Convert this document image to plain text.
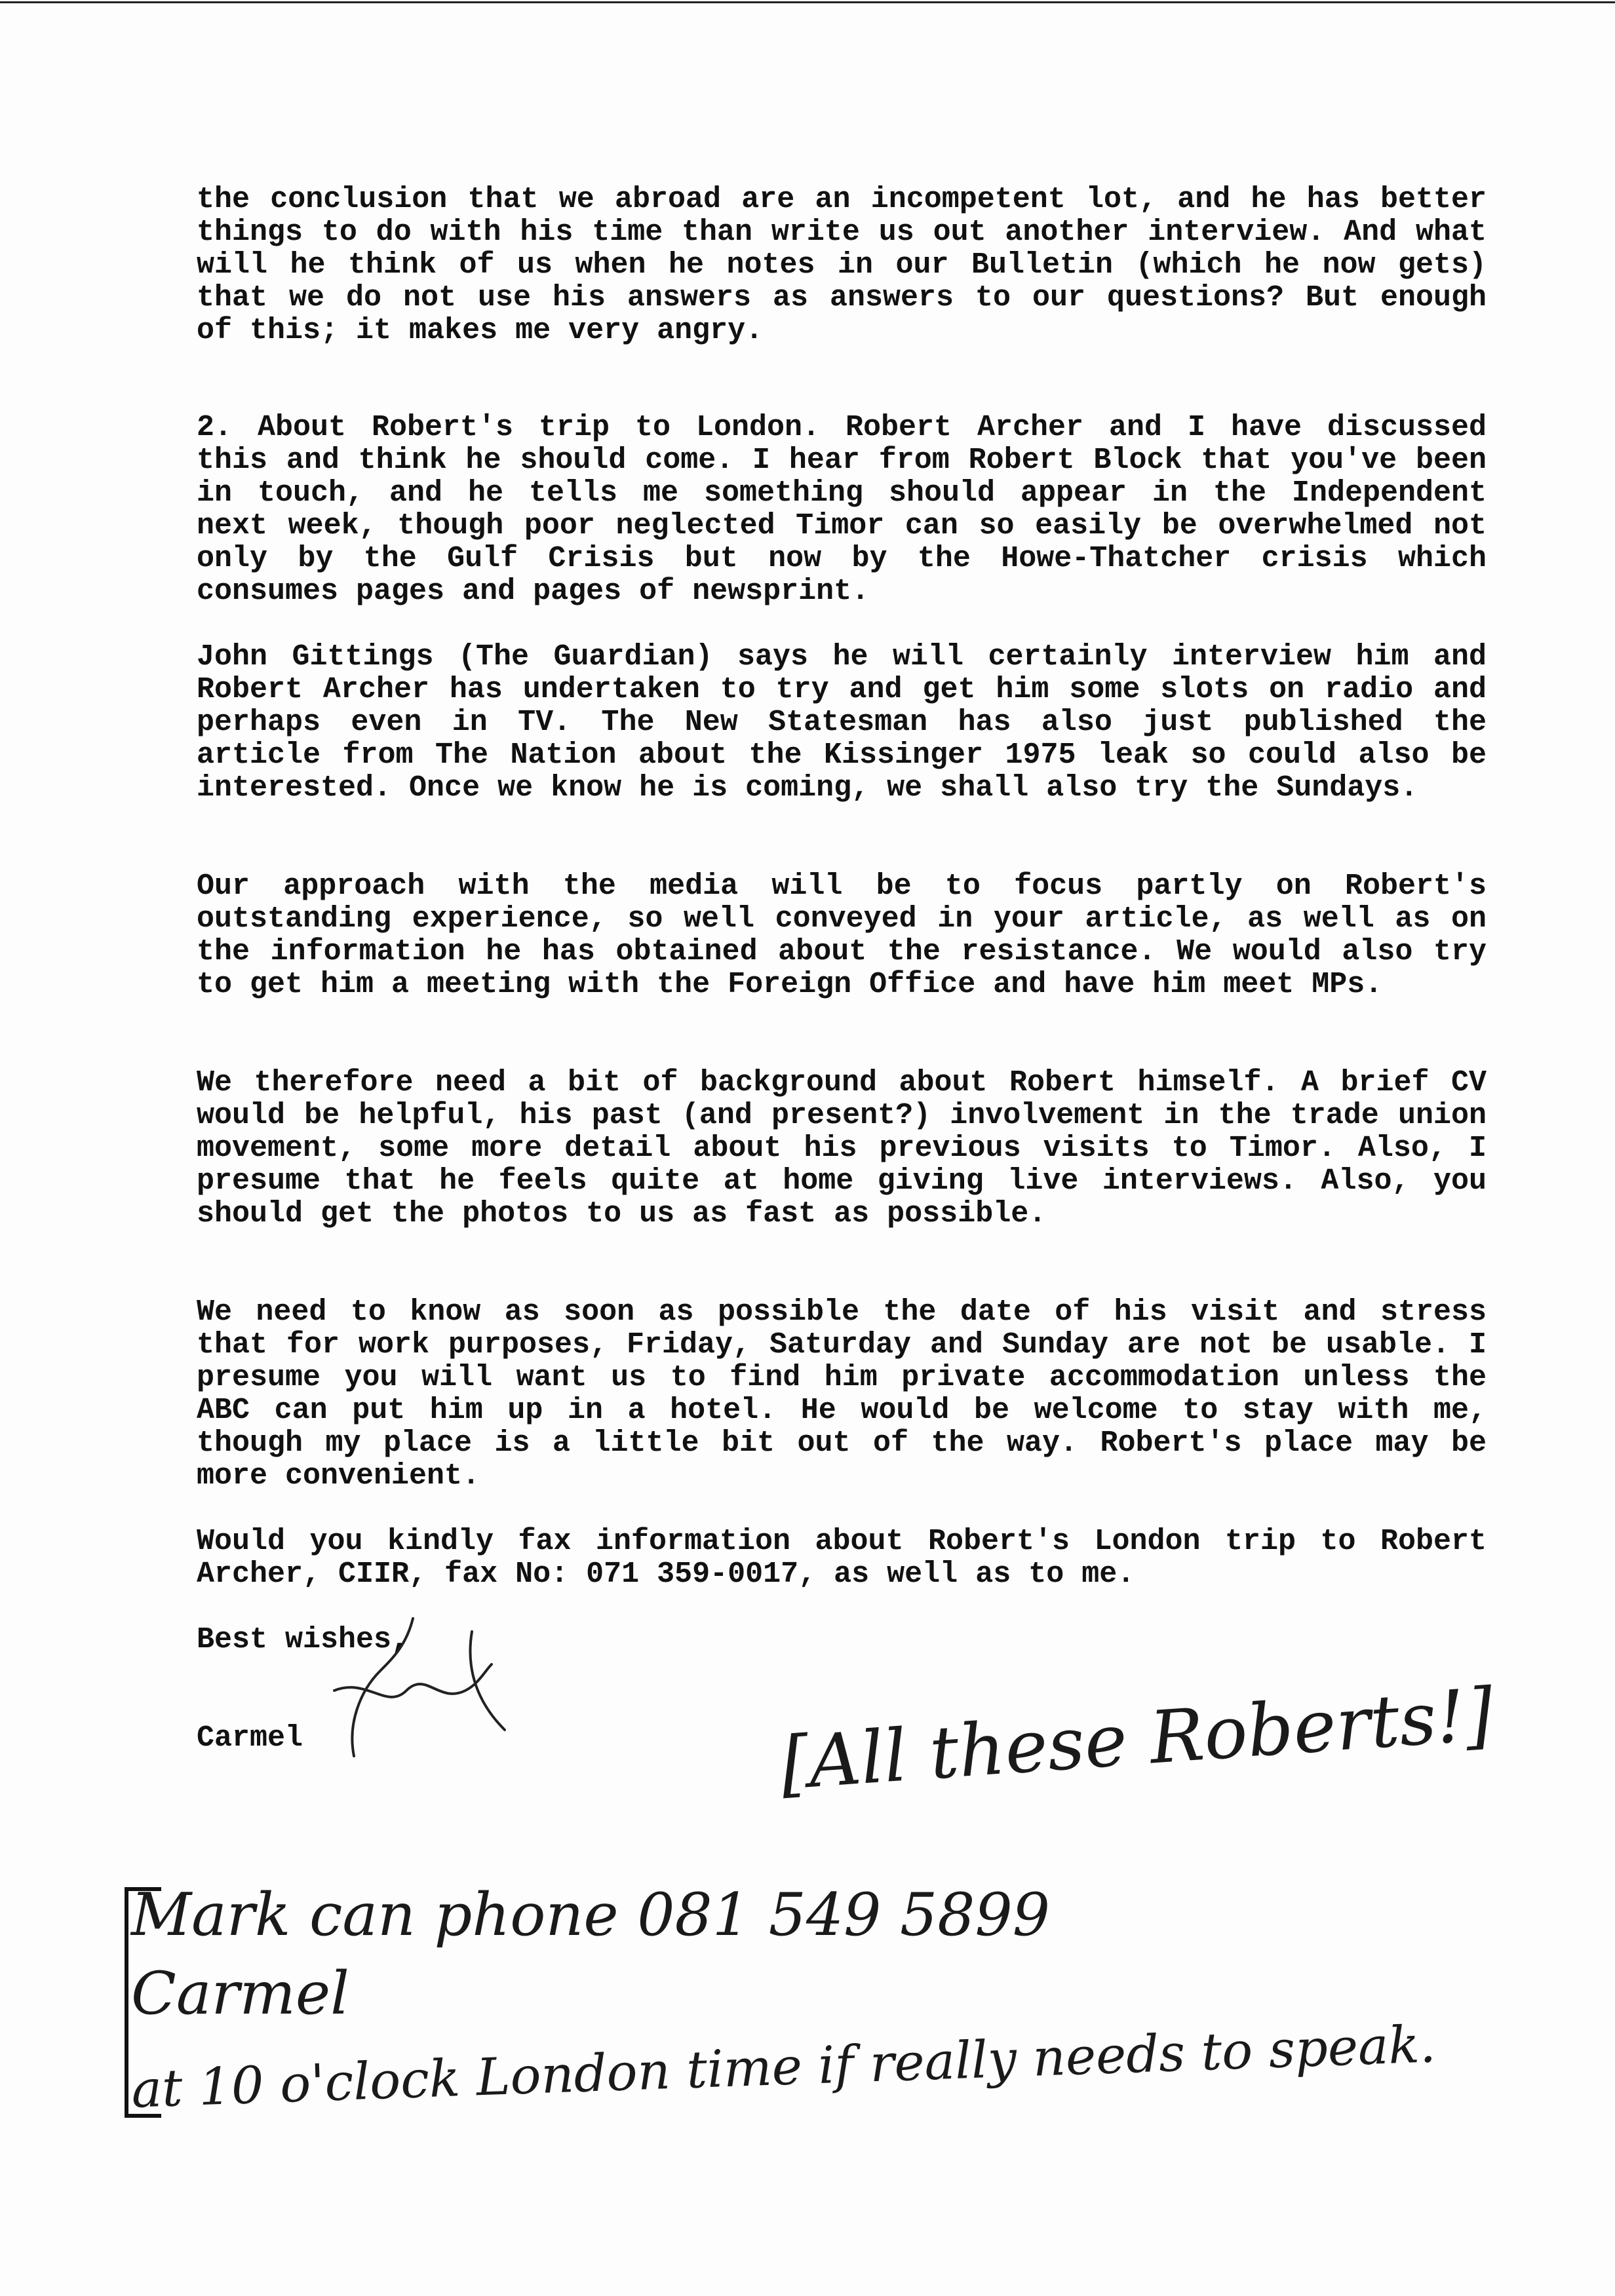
the conclusion that we abroad are an incompetent lot, and he has better things to do with his time than write us out another interview. And what will he think of us when he notes in our Bulletin (which he now gets) that we do not use his answers as answers to our questions? But enough of this; it makes me very angry.

2. About Robert's trip to London. Robert Archer and I have discussed this and think he should come. I hear from Robert Block that you've been in touch, and he tells me something should appear in the Independent next week, though poor neglected Timor can so easily be overwhelmed not only by the Gulf Crisis but now by the Howe-Thatcher crisis which consumes pages and pages of newsprint.

John Gittings (The Guardian) says he will certainly interview him and Robert Archer has undertaken to try and get him some slots on radio and perhaps even in TV. The New Statesman has also just published the article from The Nation about the Kissinger 1975 leak so could also be interested. Once we know he is coming, we shall also try the Sundays.

Our approach with the media will be to focus partly on Robert's outstanding experience, so well conveyed in your article, as well as on the information he has obtained about the resistance. We would also try to get him a meeting with the Foreign Office and have him meet MPs.

We therefore need a bit of background about Robert himself. A brief CV would be helpful, his past (and present?) involvement in the trade union movement, some more detail about his previous visits to Timor. Also, I presume that he feels quite at home giving live interviews. Also, you should get the photos to us as fast as possible.

We need to know as soon as possible the date of his visit and stress that for work purposes, Friday, Saturday and Sunday are not be usable. I presume you will want us to find him private accommodation unless the ABC can put him up in a hotel. He would be welcome to stay with me, though my place is a little bit out of the way. Robert's place may be more convenient.

Would you kindly fax information about Robert's London trip to Robert Archer, CIIR, fax No: 071 359-0017, as well as to me.

Best wishes,

Carmel	[All these Roberts!]
Mark can phone 081 549 5899
Carmel
at 10 o'clock London time if really needs to speak.
